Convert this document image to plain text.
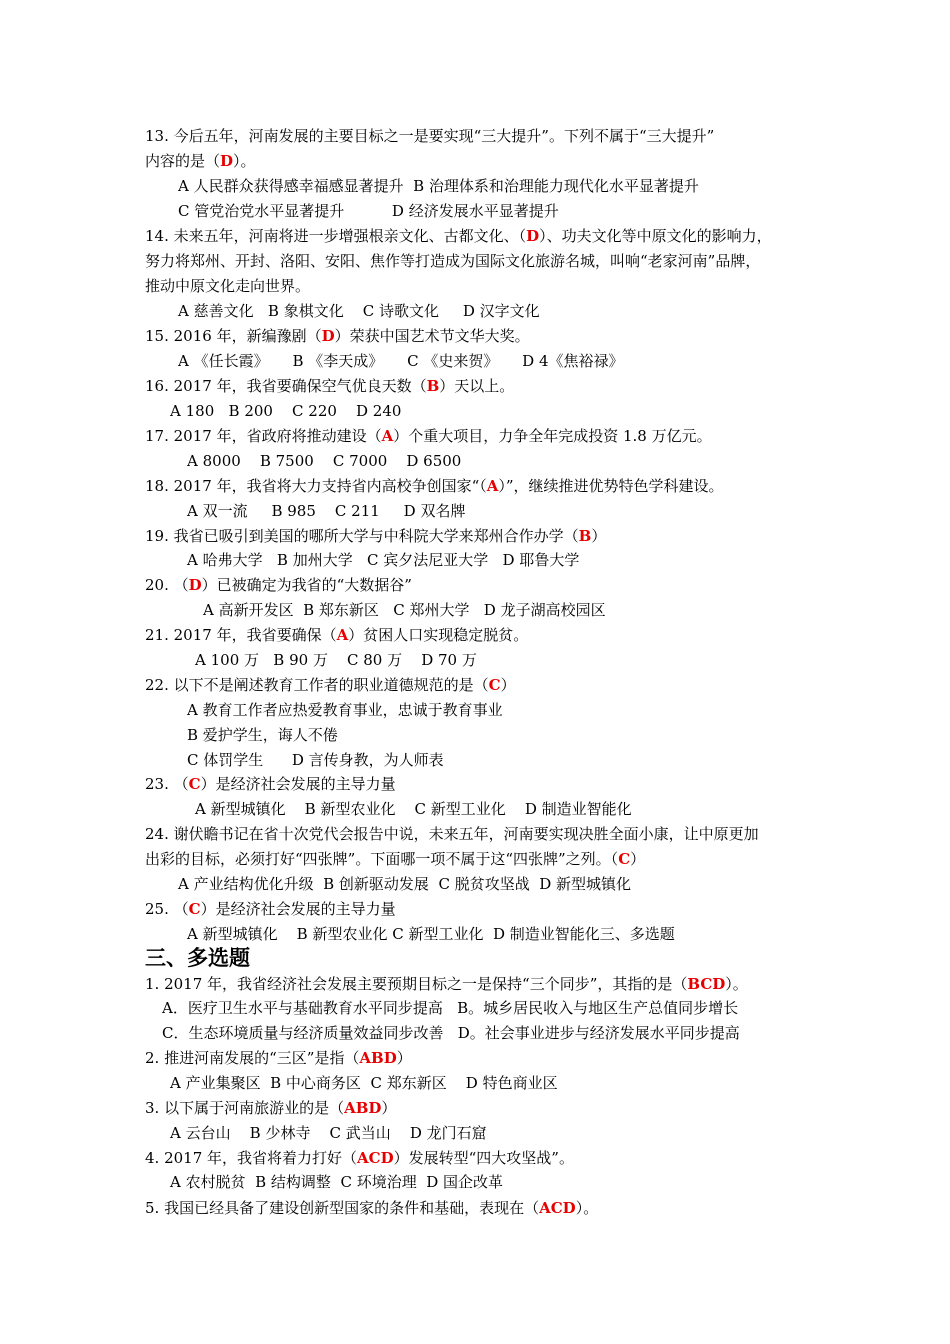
13. 今后五年，河南发展的主要目标之一是要实现“三大提升”。下列不属于“三大提升”
内容的是（D）。
A 人民群众获得感幸福感显著提升  B 治理体系和治理能力现代化水平显著提升
C 管党治党水平显著提升          D 经济发展水平显著提升
14. 未来五年，河南将进一步增强根亲文化、古都文化、（D）、功夫文化等中原文化的影响力，
努力将郑州、开封、洛阳、安阳、焦作等打造成为国际文化旅游名城，叫响“老家河南”品牌，
推动中原文化走向世界。
A 慈善文化   B 象棋文化    C 诗歌文化     D 汉字文化
15. 2016 年，新编豫剧（D）荣获中国艺术节文华大奖。
A 《任长霞》     B 《李天成》     C 《史来贺》     D 4《焦裕禄》
16. 2017 年，我省要确保空气优良天数（B）天以上。
A 180   B 200    C 220    D 240
17. 2017 年，省政府将推动建设（A）个重大项目，力争全年完成投资 1.8 万亿元。
A 8000    B 7500    C 7000    D 6500
18. 2017 年，我省将大力支持省内高校争创国家“（A）”，继续推进优势特色学科建设。
A 双一流     B 985    C 211     D 双名牌
19. 我省已吸引到美国的哪所大学与中科院大学来郑州合作办学（B）
A 哈弗大学   B 加州大学   C 宾夕法尼亚大学   D 耶鲁大学
20. （D）已被确定为我省的“大数据谷”
A 高新开发区  B 郑东新区   C 郑州大学   D 龙子湖高校园区
21. 2017 年，我省要确保（A）贫困人口实现稳定脱贫。
A 100 万   B 90 万    C 80 万    D 70 万
22. 以下不是阐述教育工作者的职业道德规范的是（C）
A 教育工作者应热爱教育事业，忠诚于教育事业
B 爱护学生，诲人不倦
C 体罚学生      D 言传身教，为人师表
23. （C）是经济社会发展的主导力量
A 新型城镇化    B 新型农业化    C 新型工业化    D 制造业智能化
24. 谢伏瞻书记在省十次党代会报告中说，未来五年，河南要实现决胜全面小康，让中原更加
出彩的目标，必须打好“四张牌”。下面哪一项不属于这“四张牌”之列。（C）
A 产业结构优化升级  B 创新驱动发展  C 脱贫攻坚战  D 新型城镇化
25. （C）是经济社会发展的主导力量
A 新型城镇化    B 新型农业化 C 新型工业化  D 制造业智能化三、多选题
1. 2017 年，我省经济社会发展主要预期目标之一是保持“三个同步”，其指的是（BCD）。
A．医疗卫生水平与基础教育水平同步提高   B。城乡居民收入与地区生产总值同步增长
C．生态环境质量与经济质量效益同步改善   D。社会事业进步与经济发展水平同步提高
2. 推进河南发展的“三区”是指（ABD）
A 产业集聚区  B 中心商务区  C 郑东新区    D 特色商业区
3. 以下属于河南旅游业的是（ABD）
A 云台山    B 少林寺    C 武当山    D 龙门石窟
4. 2017 年，我省将着力打好（ACD）发展转型“四大攻坚战”。
A 农村脱贫  B 结构调整  C 环境治理  D 国企改革
5. 我国已经具备了建设创新型国家的条件和基础，表现在（ACD）。
三、多选题
